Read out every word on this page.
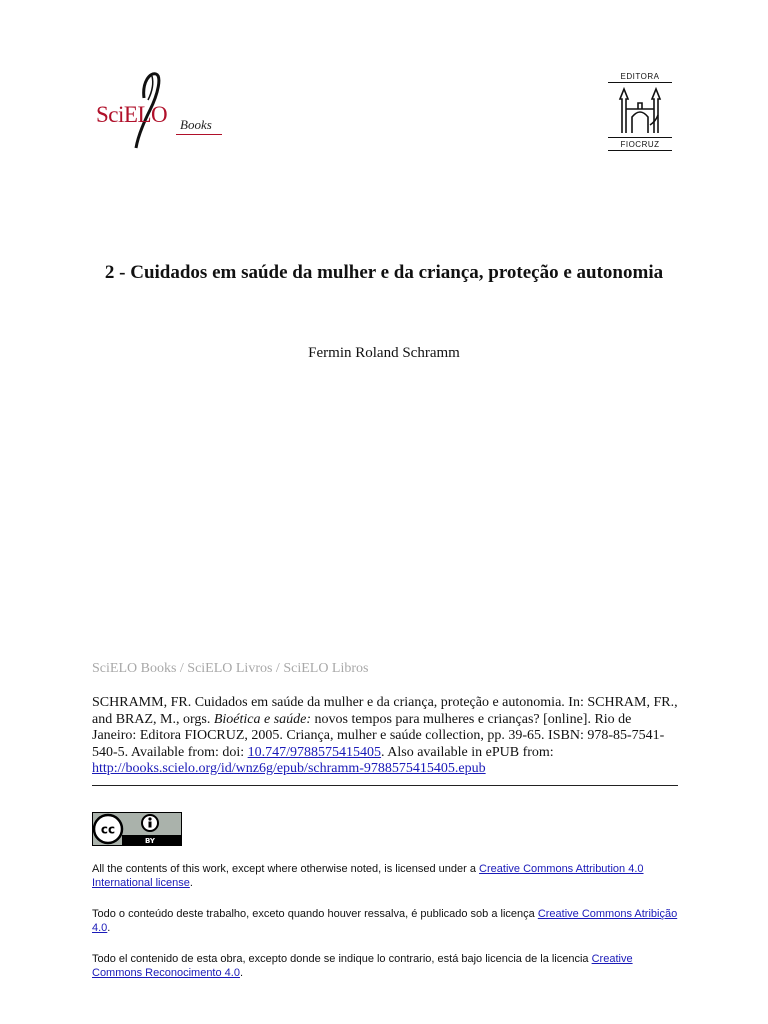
SciELO Books
EDITORA
FIOCRUZ
2 - Cuidados em saúde da mulher e da criança, proteção e autonomia
Fermin Roland Schramm
SciELO Books / SciELO Livros / SciELO Libros
SCHRAMM, FR. Cuidados em saúde da mulher e da criança, proteção e autonomia. In: SCHRAM, FR., and BRAZ, M., orgs. Bioética e saúde: novos tempos para mulheres e crianças? [online]. Rio de Janeiro: Editora FIOCRUZ, 2005. Criança, mulher e saúde collection, pp. 39-65. ISBN: 978-85-7541-540-5. Available from: doi: 10.747/9788575415405. Also available in ePUB from: http://books.scielo.org/id/wnz6g/epub/schramm-9788575415405.epub
cc
BY
All the contents of this work, except where otherwise noted, is licensed under a Creative Commons Attribution 4.0 International license.
Todo o conteúdo deste trabalho, exceto quando houver ressalva, é publicado sob a licença Creative Commons Atribição 4.0.
Todo el contenido de esta obra, excepto donde se indique lo contrario, está bajo licencia de la licencia Creative Commons Reconocimento 4.0.
